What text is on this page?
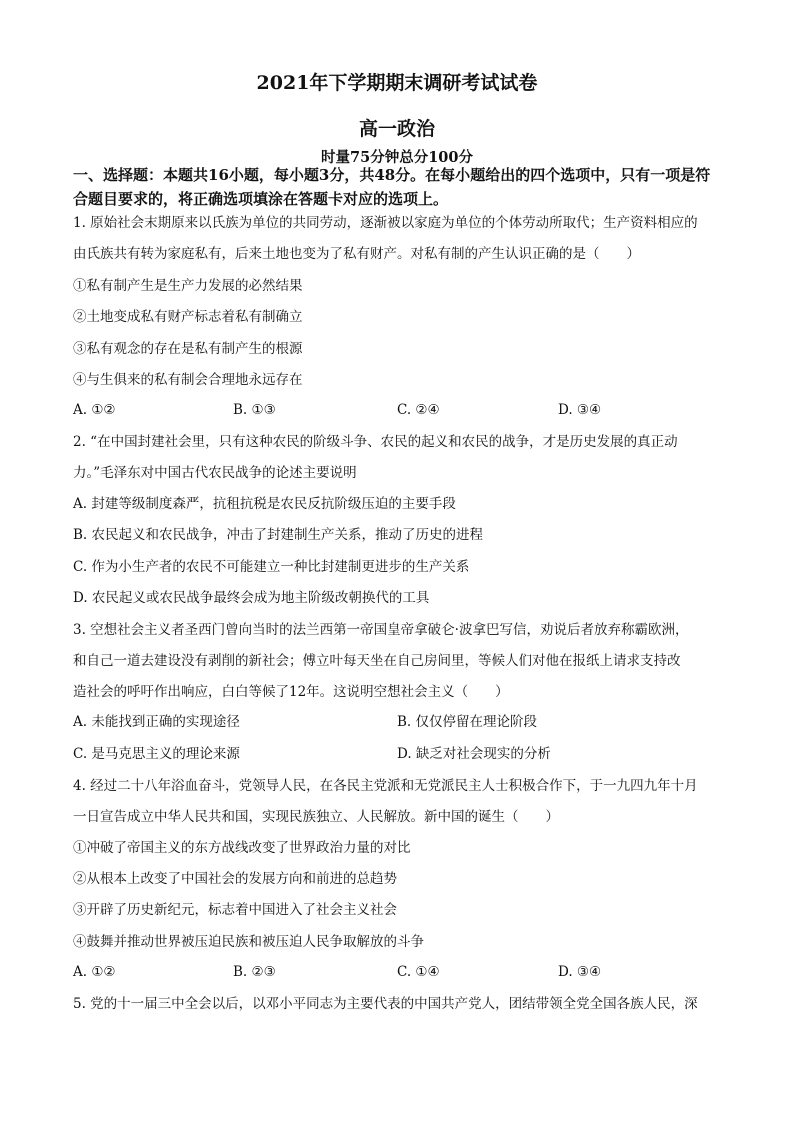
2021年下学期期末调研考试试卷
高一政治
时量75分钟总分100分
一、选择题：本题共16小题，每小题3分，共48分。在每小题给出的四个选项中，只有一项是符合题目要求的，将正确选项填涂在答题卡对应的选项上。
1. 原始社会末期原来以氏族为单位的共同劳动，逐渐被以家庭为单位的个体劳动所取代；生产资料相应的
由氏族共有转为家庭私有，后来土地也变为了私有财产。对私有制的产生认识正确的是（　　）
①私有制产生是生产力发展的必然结果
②土地变成私有财产标志着私有制确立
③私有观念的存在是私有制产生的根源
④与生俱来的私有制会合理地永远存在
A. ①②	B. ①③	C. ②④	D. ③④
2. “在中国封建社会里，只有这种农民的阶级斗争、农民的起义和农民的战争，才是历史发展的真正动
力。”毛泽东对中国古代农民战争的论述主要说明
A. 封建等级制度森严，抗租抗税是农民反抗阶级压迫的主要手段
B. 农民起义和农民战争，冲击了封建制生产关系，推动了历史的进程
C. 作为小生产者的农民不可能建立一种比封建制更进步的生产关系
D. 农民起义或农民战争最终会成为地主阶级改朝换代的工具
3. 空想社会主义者圣西门曾向当时的法兰西第一帝国皇帝拿破仑·波拿巴写信，劝说后者放弃称霸欧洲，
和自己一道去建设没有剥削的新社会；傅立叶每天坐在自己房间里，等候人们对他在报纸上请求支持改
造社会的呼吁作出响应，白白等候了12年。这说明空想社会主义（　　）
A. 未能找到正确的实现途径	B. 仅仅停留在理论阶段
C. 是马克思主义的理论来源	D. 缺乏对社会现实的分析
4. 经过二十八年浴血奋斗，党领导人民，在各民主党派和无党派民主人士积极合作下，于一九四九年十月
一日宣告成立中华人民共和国，实现民族独立、人民解放。新中国的诞生（　　）
①冲破了帝国主义的东方战线改变了世界政治力量的对比
②从根本上改变了中国社会的发展方向和前进的总趋势
③开辟了历史新纪元，标志着中国进入了社会主义社会
④鼓舞并推动世界被压迫民族和被压迫人民争取解放的斗争
A. ①②	B. ②③	C. ①④	D. ③④
5. 党的十一届三中全会以后，以邓小平同志为主要代表的中国共产党人，团结带领全党全国各族人民，深
